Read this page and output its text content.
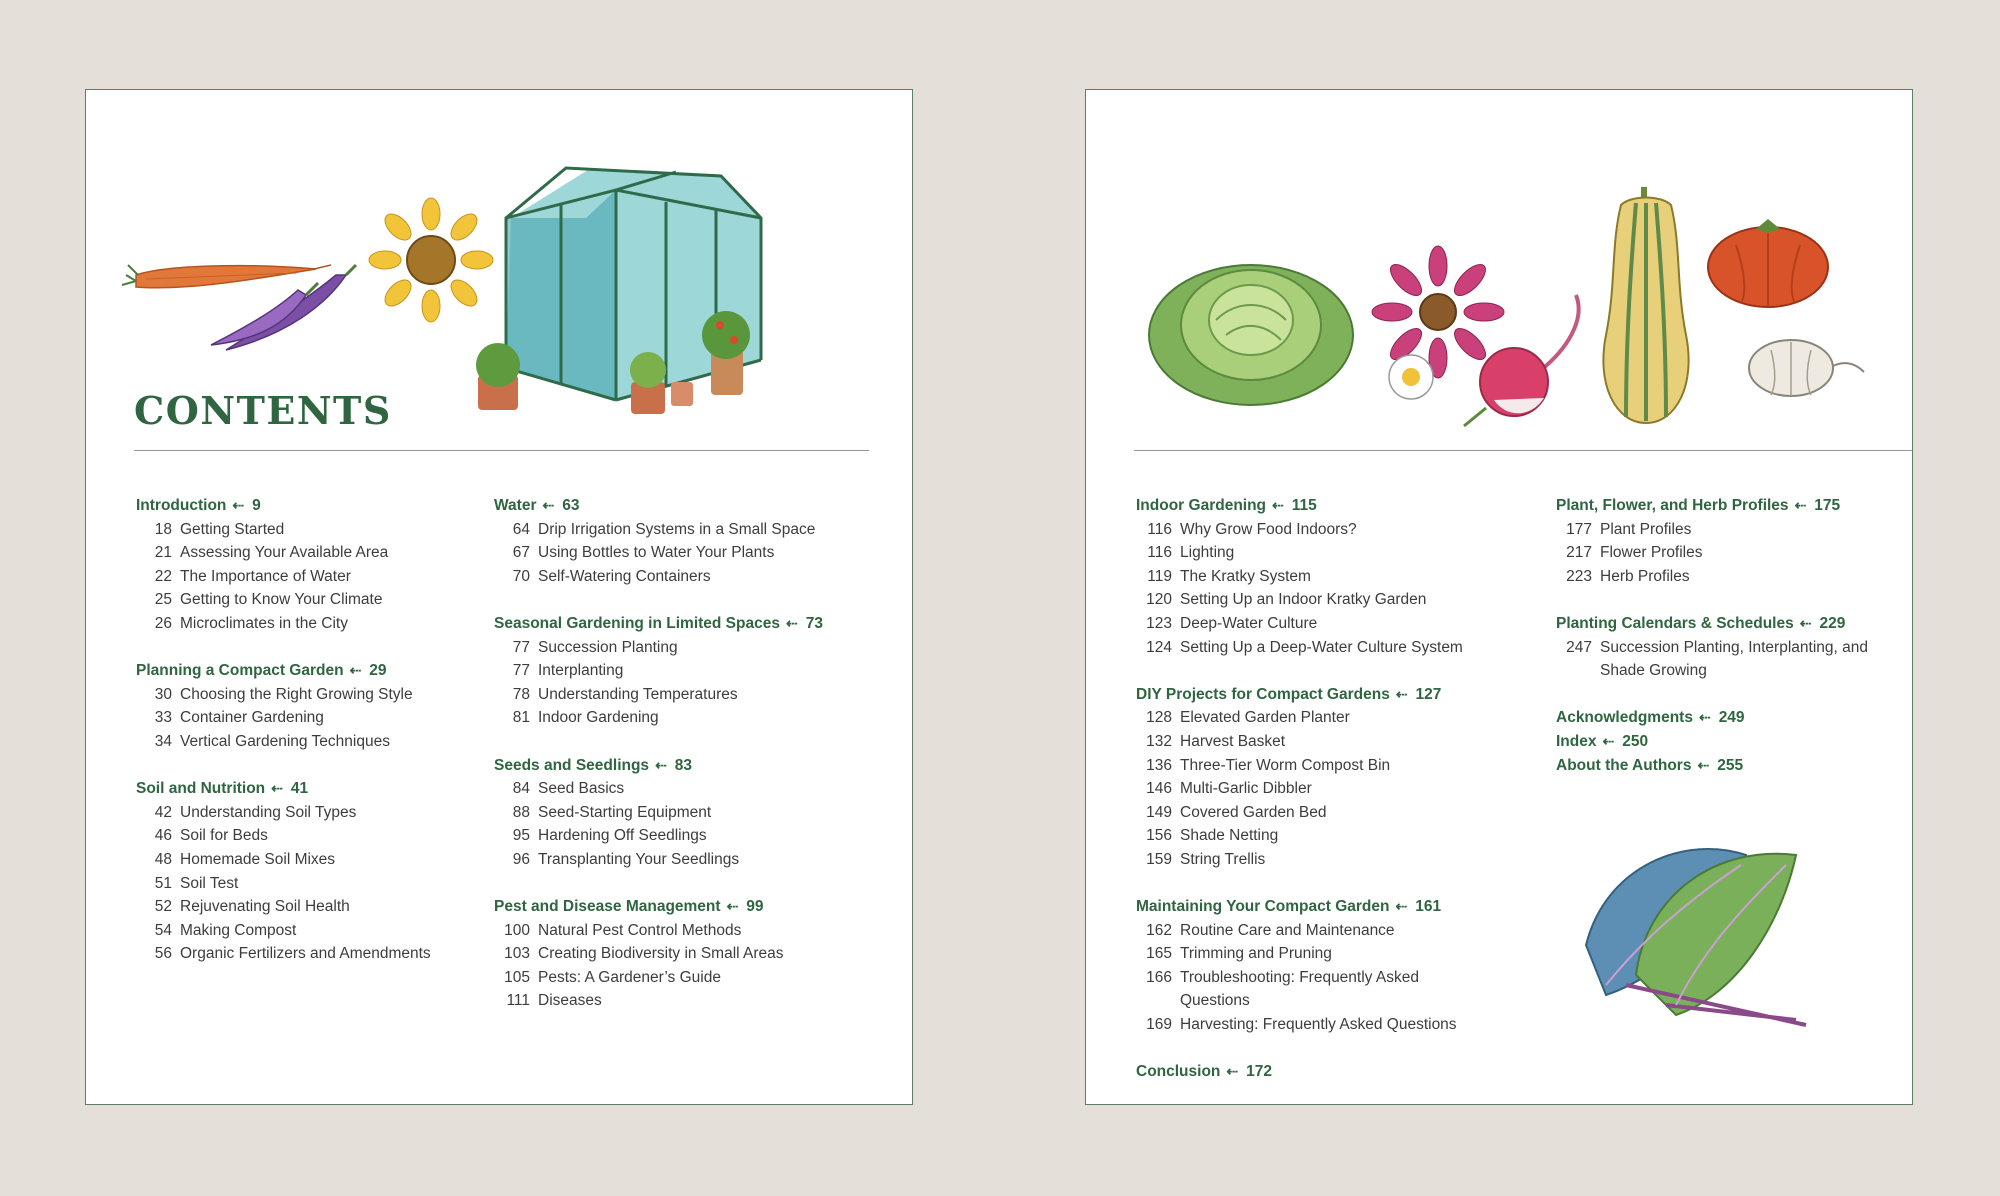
CONTENTS
Introduction ⇠ 9
18 Getting Started
21 Assessing Your Available Area
22 The Importance of Water
25 Getting to Know Your Climate
26 Microclimates in the City
Planning a Compact Garden ⇠ 29
30 Choosing the Right Growing Style
33 Container Gardening
34 Vertical Gardening Techniques
Soil and Nutrition ⇠ 41
42 Understanding Soil Types
46 Soil for Beds
48 Homemade Soil Mixes
51 Soil Test
52 Rejuvenating Soil Health
54 Making Compost
56 Organic Fertilizers and Amendments
Water ⇠ 63
64 Drip Irrigation Systems in a Small Space
67 Using Bottles to Water Your Plants
70 Self-Watering Containers
Seasonal Gardening in Limited Spaces ⇠ 73
77 Succession Planting
77 Interplanting
78 Understanding Temperatures
81 Indoor Gardening
Seeds and Seedlings ⇠ 83
84 Seed Basics
88 Seed-Starting Equipment
95 Hardening Off Seedlings
96 Transplanting Your Seedlings
Pest and Disease Management ⇠ 99
100 Natural Pest Control Methods
103 Creating Biodiversity in Small Areas
105 Pests: A Gardener’s Guide
111 Diseases
Indoor Gardening ⇠ 115
116 Why Grow Food Indoors?
116 Lighting
119 The Kratky System
120 Setting Up an Indoor Kratky Garden
123 Deep-Water Culture
124 Setting Up a Deep-Water Culture System
DIY Projects for Compact Gardens ⇠ 127
128 Elevated Garden Planter
132 Harvest Basket
136 Three-Tier Worm Compost Bin
146 Multi-Garlic Dibbler
149 Covered Garden Bed
156 Shade Netting
159 String Trellis
Maintaining Your Compact Garden ⇠ 161
162 Routine Care and Maintenance
165 Trimming and Pruning
166 Troubleshooting: Frequently Asked Questions
169 Harvesting: Frequently Asked Questions
Conclusion ⇠ 172
Plant, Flower, and Herb Profiles ⇠ 175
177 Plant Profiles
217 Flower Profiles
223 Herb Profiles
Planting Calendars & Schedules ⇠ 229
247 Succession Planting, Interplanting, and Shade Growing
Acknowledgments ⇠ 249
Index ⇠ 250
About the Authors ⇠ 255
